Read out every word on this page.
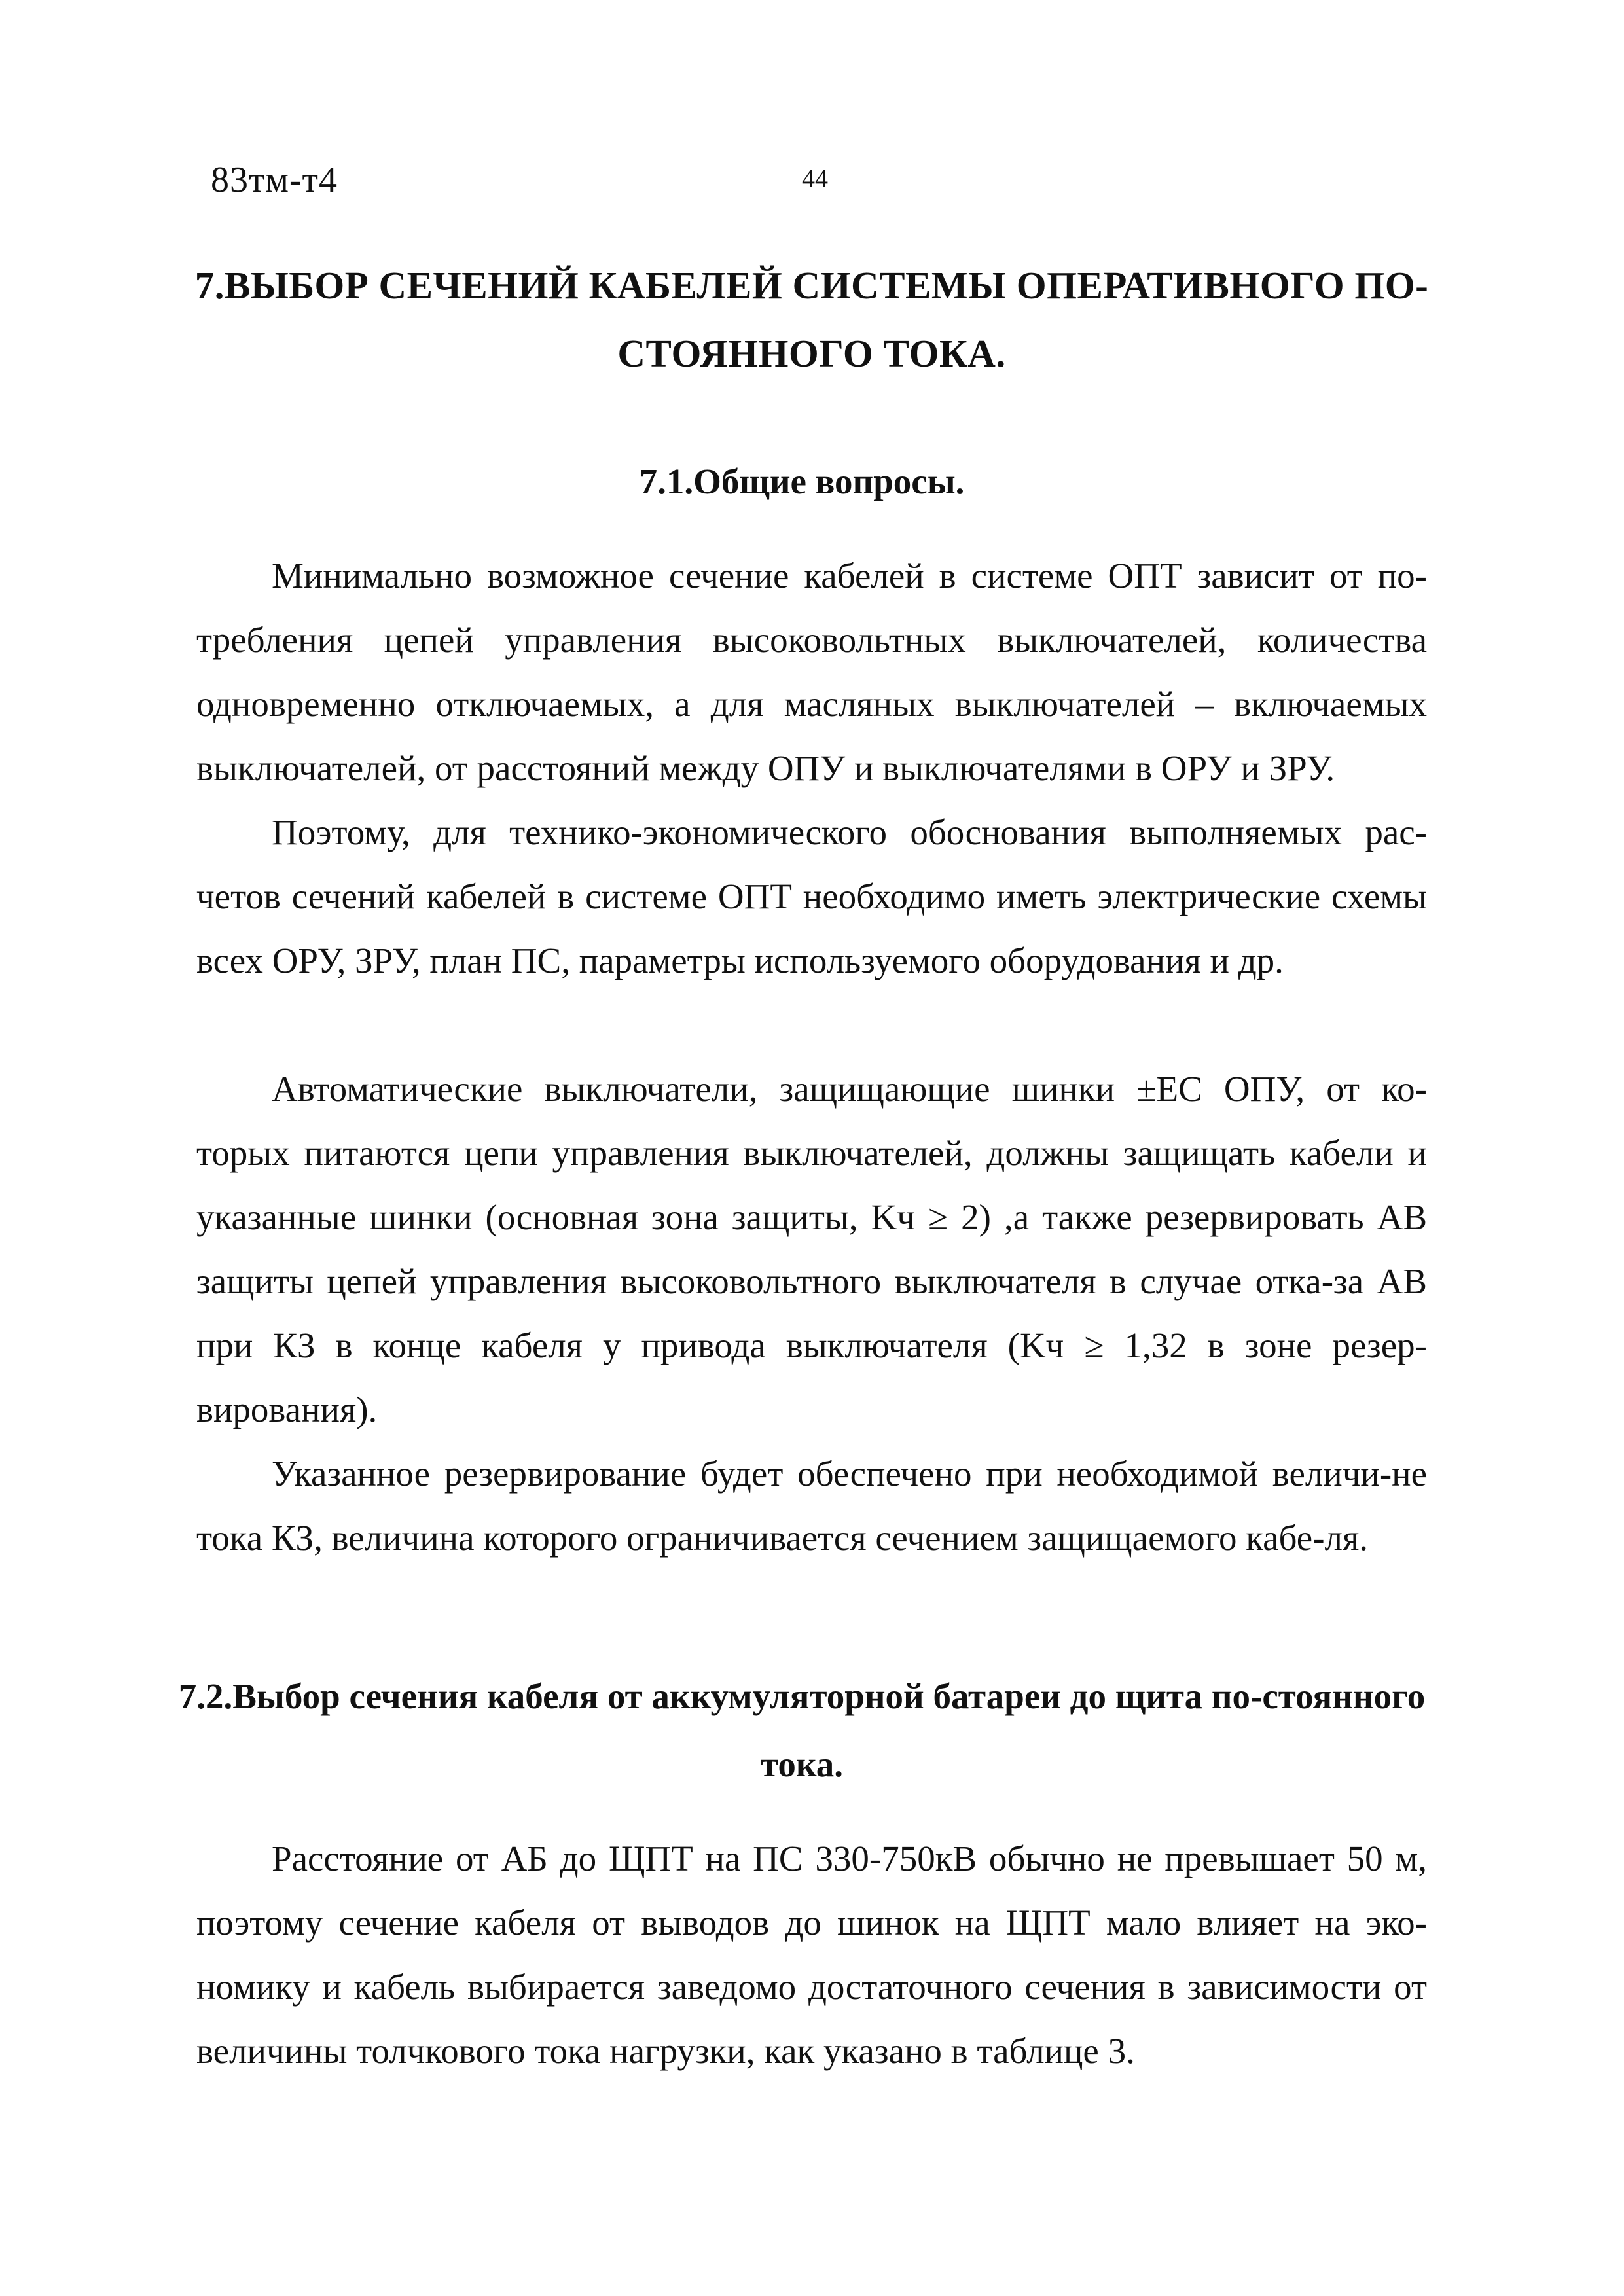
83тм-т4	44
7.ВЫБОР СЕЧЕНИЙ КАБЕЛЕЙ СИСТЕМЫ ОПЕРАТИВНОГО ПО-СТОЯННОГО ТОКА.
7.1.Общие вопросы.

Минимально возможное сечение кабелей в системе ОПТ зависит от по-требления цепей управления высоковольтных выключателей, количества одновременно отключаемых, а для масляных выключателей – включаемых выключателей, от расстояний между ОПУ и выключателями в ОРУ и ЗРУ.

Поэтому, для технико-экономического обоснования выполняемых рас-четов сечений кабелей в системе ОПТ необходимо иметь электрические схемы всех ОРУ, ЗРУ, план ПС, параметры используемого оборудования и др.

Автоматические выключатели, защищающие шинки ±EC ОПУ, от ко-торых питаются цепи управления выключателей, должны защищать кабели и указанные шинки (основная зона защиты, Kч ≥ 2) ,а также резервировать АВ защиты цепей управления высоковольтного выключателя в случае отка-за АВ при КЗ в конце кабеля у привода выключателя (Kч ≥ 1,32 в зоне резер-вирования).

Указанное резервирование будет обеспечено при необходимой величи-не тока КЗ, величина которого ограничивается сечением защищаемого кабе-ля.

7.2.Выбор сечения кабеля от аккумуляторной батареи до щита по-стоянного тока.

Расстояние от АБ до ЩПТ на ПС 330-750кВ обычно не превышает 50 м, поэтому сечение кабеля от выводов до шинок на ЩПТ мало влияет на эко-номику и кабель выбирается заведомо достаточного сечения в зависимости от величины толчкового тока нагрузки, как указано в таблице 3.
